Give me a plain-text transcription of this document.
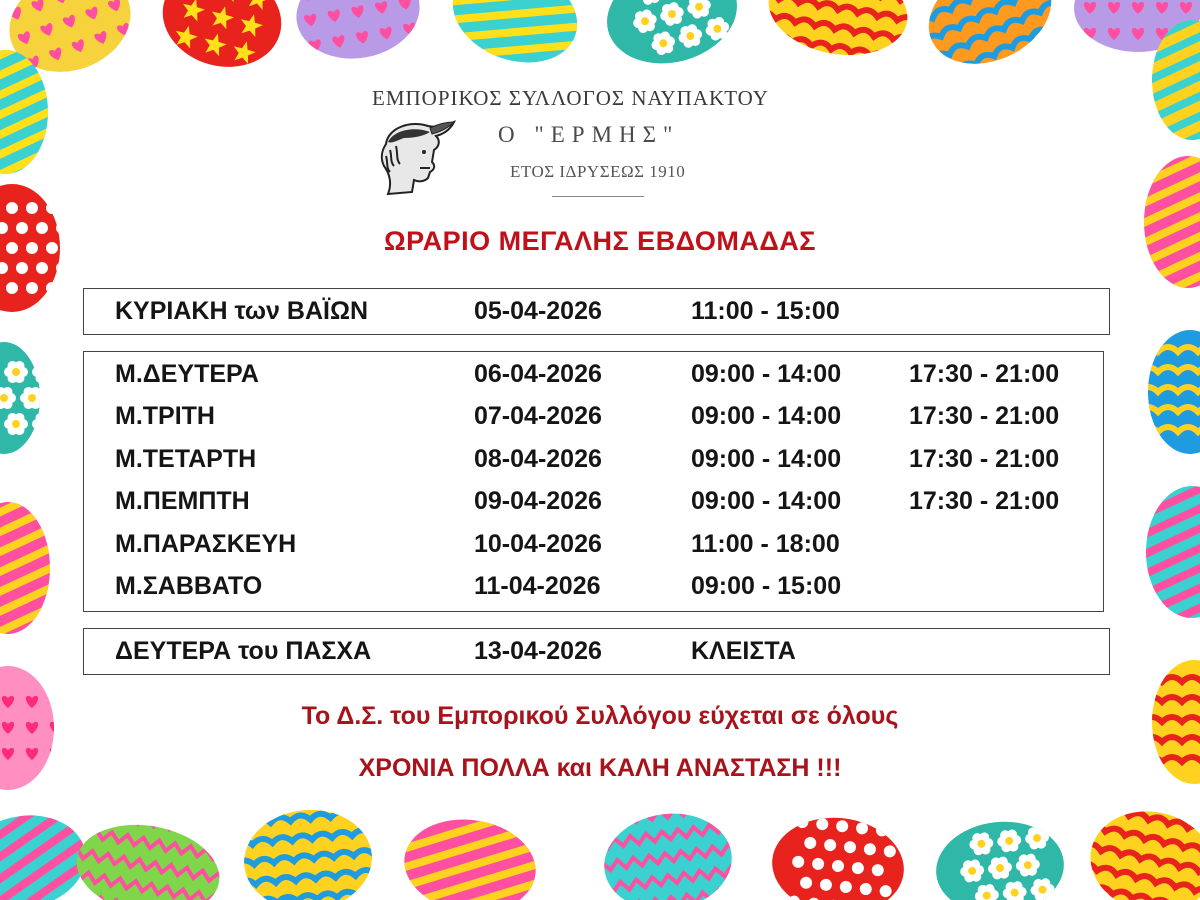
ΕΜΠΟΡΙΚΟΣ ΣΥΛΛΟΓΟΣ ΝΑΥΠΑΚΤΟΥ
Ο "ΕΡΜΗΣ"
ΕΤΟΣ ΙΔΡΥΣΕΩΣ 1910
ΩΡΑΡΙΟ ΜΕΓΑΛΗΣ ΕΒΔΟΜΑΔΑΣ
ΚΥΡΙΑΚΗ των ΒΑΪΩΝ	05-04-2026	11:00 - 15:00
Μ.ΔΕΥΤΕΡΑ	06-04-2026	09:00 - 14:00	17:30 - 21:00
Μ.ΤΡΙΤΗ	07-04-2026	09:00 - 14:00	17:30 - 21:00
Μ.ΤΕΤΑΡΤΗ	08-04-2026	09:00 - 14:00	17:30 - 21:00
Μ.ΠΕΜΠΤΗ	09-04-2026	09:00 - 14:00	17:30 - 21:00
Μ.ΠΑΡΑΣΚΕΥΗ	10-04-2026	11:00 - 18:00
Μ.ΣΑΒΒΑΤΟ	11-04-2026	09:00 - 15:00
ΔΕΥΤΕΡΑ του ΠΑΣΧΑ	13-04-2026	ΚΛΕΙΣΤΑ
Το Δ.Σ. του Εμπορικού Συλλόγου εύχεται σε όλους
ΧΡΟΝΙΑ ΠΟΛΛΑ και ΚΑΛΗ ΑΝΑΣΤΑΣΗ !!!
